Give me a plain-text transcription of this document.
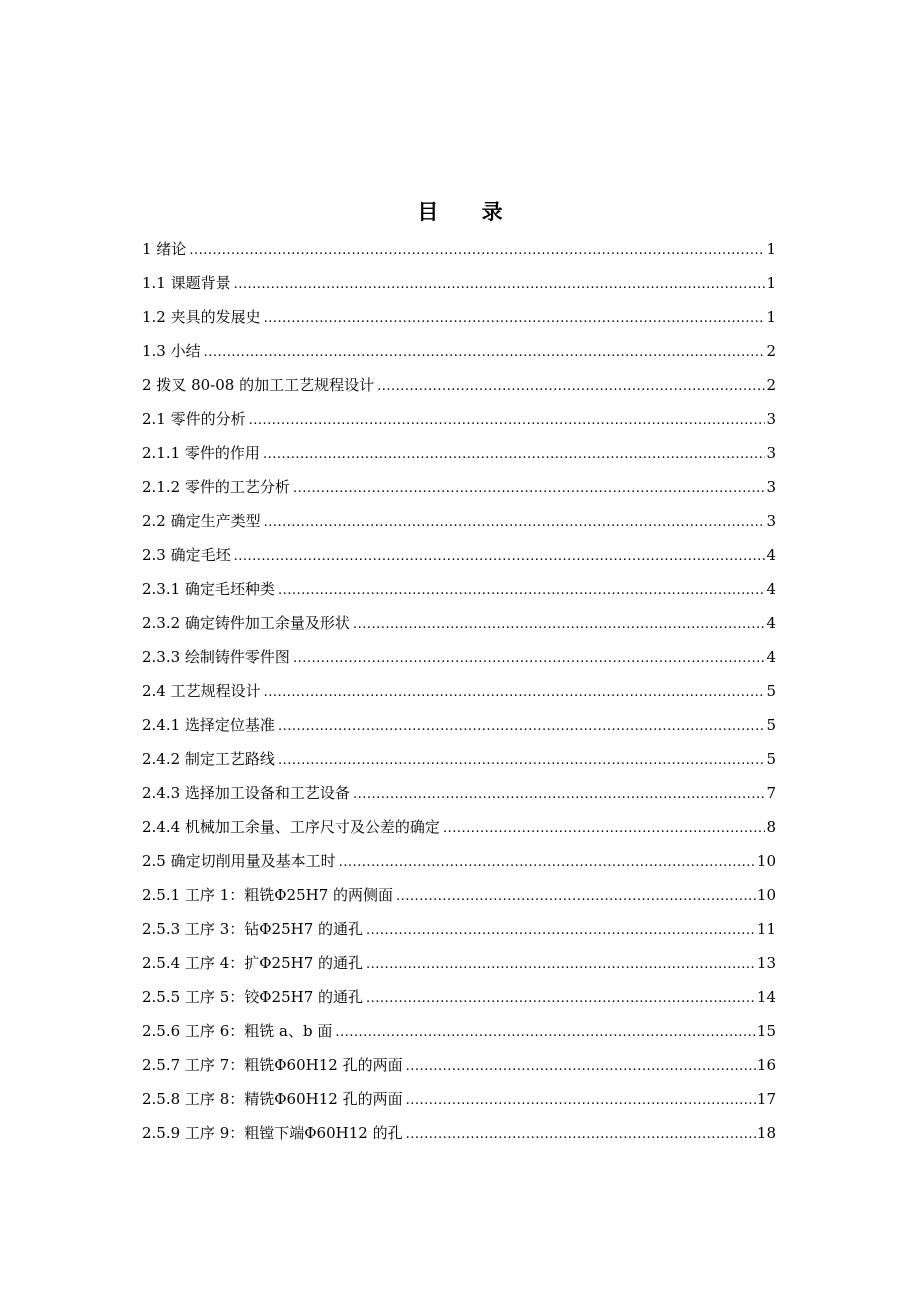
目 录
1 绪论 .....	1
1.1 课题背景 .....	1
1.2 夹具的发展史 .....	1
1.3 小结 .....	2
2 拨叉 80-08 的加工工艺规程设计 .....	2
2.1 零件的分析 .....	3
2.1.1 零件的作用 .....	3
2.1.2 零件的工艺分析 .....	3
2.2 确定生产类型 .....	3
2.3 确定毛坯 .....	4
2.3.1 确定毛坯种类 .....	4
2.3.2 确定铸件加工余量及形状 .....	4
2.3.3 绘制铸件零件图 .....	4
2.4 工艺规程设计 .....	5
2.4.1 选择定位基准 .....	5
2.4.2 制定工艺路线 .....	5
2.4.3 选择加工设备和工艺设备 .....	7
2.4.4 机械加工余量、工序尺寸及公差的确定 .....	8
2.5 确定切削用量及基本工时 .....	10
2.5.1 工序 1：粗铣Φ25H7 的两侧面 .....	10
2.5.3 工序 3：钻Φ25H7 的通孔 .....	11
2.5.4 工序 4：扩Φ25H7 的通孔 .....	13
2.5.5 工序 5：铰Φ25H7 的通孔 .....	14
2.5.6 工序 6：粗铣 a、b 面 .....	15
2.5.7 工序 7：粗铣Φ60H12 孔的两面 .....	16
2.5.8 工序 8：精铣Φ60H12 孔的两面 .....	17
2.5.9 工序 9：粗镗下端Φ60H12 的孔 .....	18
